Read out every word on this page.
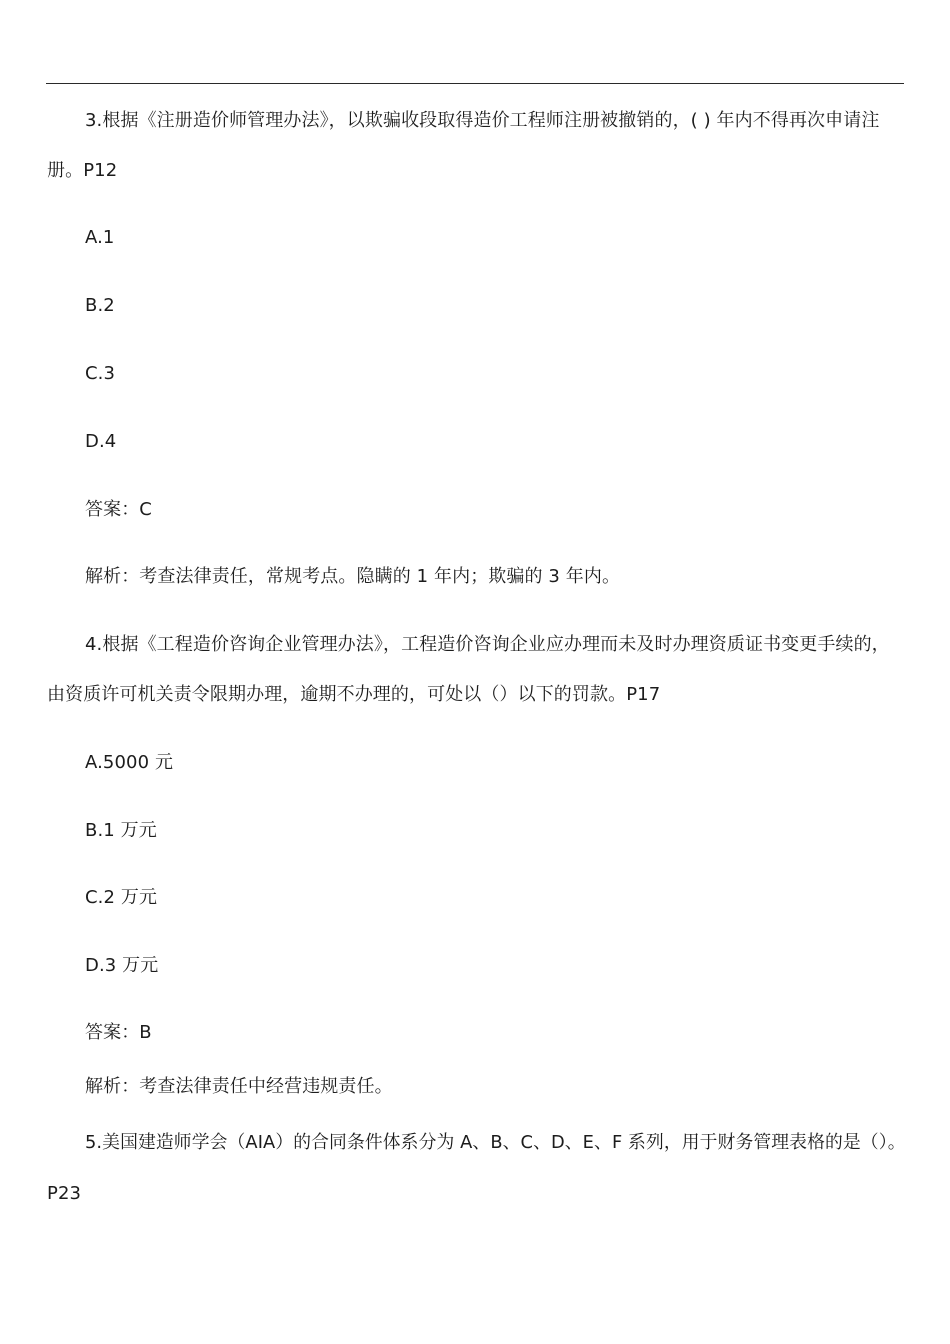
3.根据《注册造价师管理办法》，以欺骗收段取得造价工程师注册被撤销的，( ) 年内不得再次申请注
册。P12
A.1
B.2
C.3
D.4
答案：C
解析：考查法律责任，常规考点。隐瞒的 1 年内；欺骗的 3 年内。
4.根据《工程造价咨询企业管理办法》，工程造价咨询企业应办理而未及时办理资质证书变更手续的，
由资质许可机关责令限期办理，逾期不办理的，可处以（）以下的罚款。P17
A.5000 元
B.1 万元
C.2 万元
D.3 万元
答案：B
解析：考查法律责任中经营违规责任。
5.美国建造师学会（AIA）的合同条件体系分为 A、B、C、D、E、F 系列，用于财务管理表格的是（）。
P23
